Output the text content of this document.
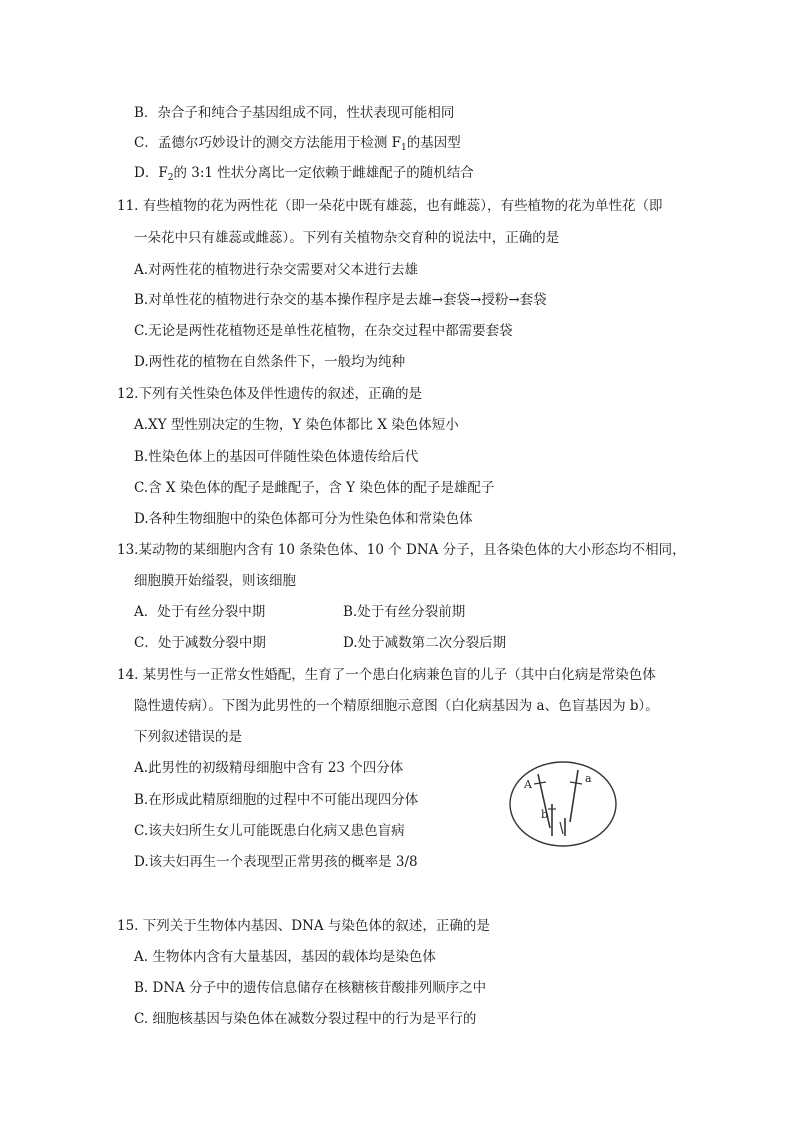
B．杂合子和纯合子基因组成不同，性状表现可能相同
C．孟德尔巧妙设计的测交方法能用于检测 $F_1$的基因型
D．$F_2$的 3:1 性状分离比一定依赖于雌雄配子的随机结合
11. 有些植物的花为两性花（即一朵花中既有雄蕊，也有雌蕊），有些植物的花为单性花（即
一朵花中只有雄蕊或雌蕊）。下列有关植物杂交育种的说法中，正确的是
A.对两性花的植物进行杂交需要对父本进行去雄
B.对单性花的植物进行杂交的基本操作程序是去雄→套袋→授粉→套袋
C.无论是两性花植物还是单性花植物，在杂交过程中都需要套袋
D.两性花的植物在自然条件下，一般均为纯种
12.下列有关性染色体及伴性遗传的叙述，正确的是
A.XY 型性别决定的生物，Y 染色体都比 X 染色体短小
B.性染色体上的基因可伴随性染色体遗传给后代
C.含 X 染色体的配子是雌配子，含 Y 染色体的配子是雄配子
D.各种生物细胞中的染色体都可分为性染色体和常染色体
13.某动物的某细胞内含有 10 条染色体、10 个 DNA 分子，且各染色体的大小形态均不相同，
细胞膜开始缢裂，则该细胞
A．处于有丝分裂中期	B.处于有丝分裂前期
C．处于减数分裂中期	D.处于减数第二次分裂后期
14. 某男性与一正常女性婚配，生育了一个患白化病兼色盲的儿子（其中白化病是常染色体
隐性遗传病）。下图为此男性的一个精原细胞示意图（白化病基因为 a、色盲基因为 b）。
下列叙述错误的是
A.此男性的初级精母细胞中含有 23 个四分体
B.在形成此精原细胞的过程中不可能出现四分体
C.该夫妇所生女儿可能既患白化病又患色盲病
D.该夫妇再生一个表现型正常男孩的概率是 3/8
A	a
b
15. 下列关于生物体内基因、DNA 与染色体的叙述，正确的是
A. 生物体内含有大量基因，基因的载体均是染色体
B. DNA 分子中的遗传信息储存在核糖核苷酸排列顺序之中
C. 细胞核基因与染色体在减数分裂过程中的行为是平行的
